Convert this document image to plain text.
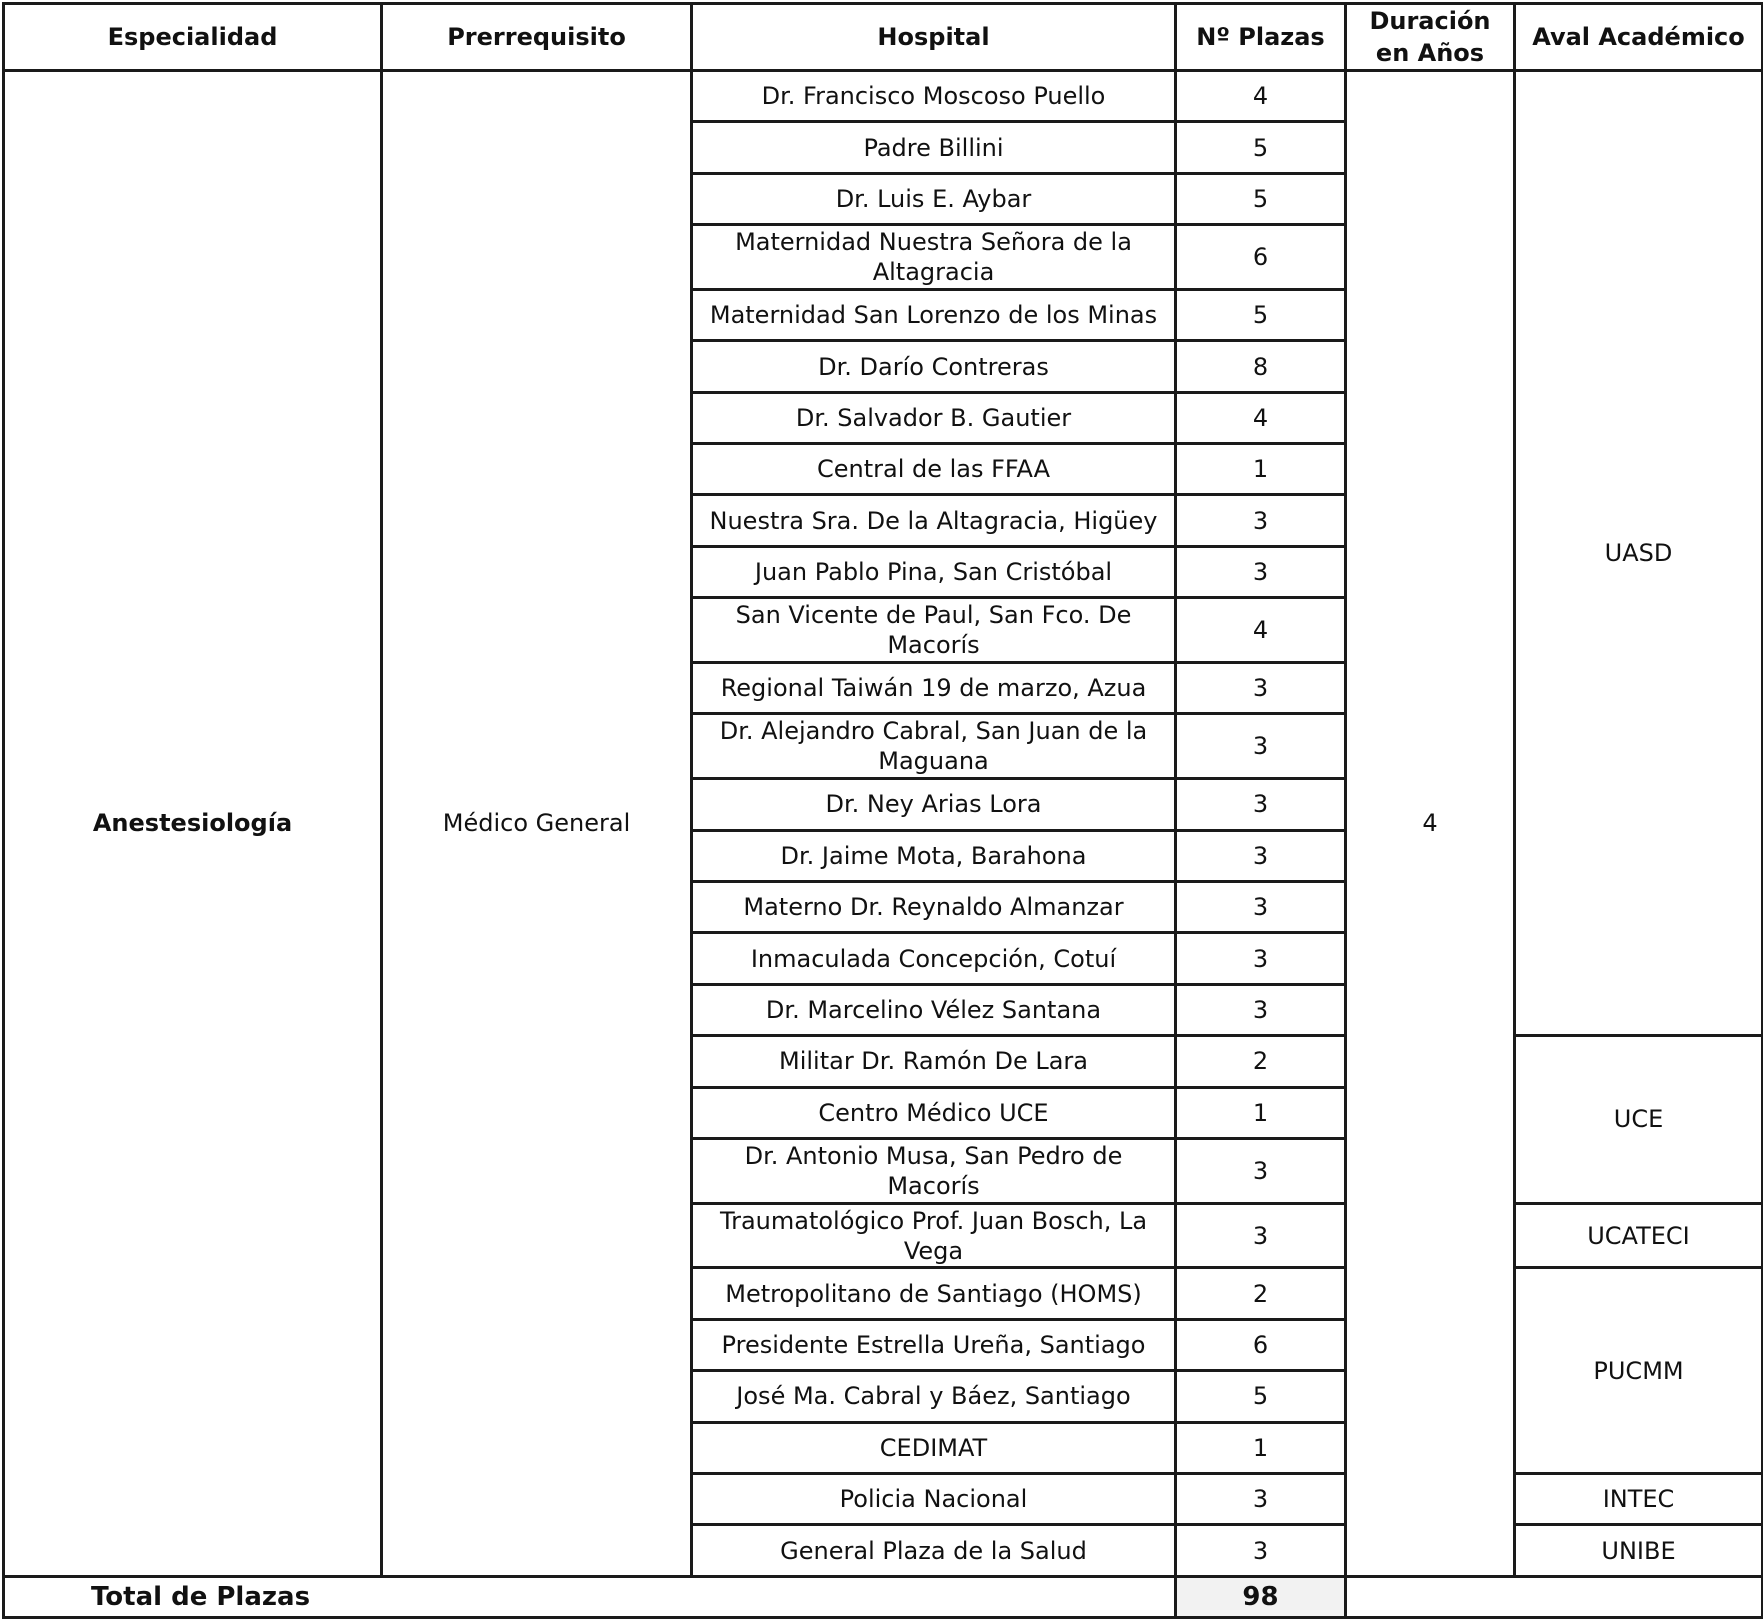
Especialidad	Prerrequisito	Hospital	Nº Plazas	Duración en Años	Aval Académico
Anestesiología	Médico General	Dr. Francisco Moscoso Puello	4	4	UASD
		Padre Billini	5		
		Dr. Luis E. Aybar	5		
		Maternidad Nuestra Señora de la Altagracia	6		
		Maternidad San Lorenzo de los Minas	5		
		Dr. Darío Contreras	8		
		Dr. Salvador B. Gautier	4		
		Central de las FFAA	1		
		Nuestra Sra. De la Altagracia, Higüey	3		
		Juan Pablo Pina, San Cristóbal	3		
		San Vicente de Paul, San Fco. De Macorís	4		
		Regional Taiwán 19 de marzo, Azua	3		
		Dr. Alejandro Cabral, San Juan de la Maguana	3		
		Dr. Ney Arias Lora	3		
		Dr. Jaime Mota, Barahona	3		
		Materno Dr. Reynaldo Almanzar	3		
		Inmaculada Concepción, Cotuí	3		
		Dr. Marcelino Vélez Santana	3		
		Militar Dr. Ramón De Lara	2		UCE
		Centro Médico UCE	1		
		Dr. Antonio Musa, San Pedro de Macorís	3		
		Traumatológico Prof. Juan Bosch, La Vega	3		UCATECI
		Metropolitano de Santiago (HOMS)	2		PUCMM
		Presidente Estrella Ureña, Santiago	6		
		José Ma. Cabral y Báez, Santiago	5		
		CEDIMAT	1		
		Policia Nacional	3		INTEC
		General Plaza de la Salud	3		UNIBE
Total de Plazas			98		
